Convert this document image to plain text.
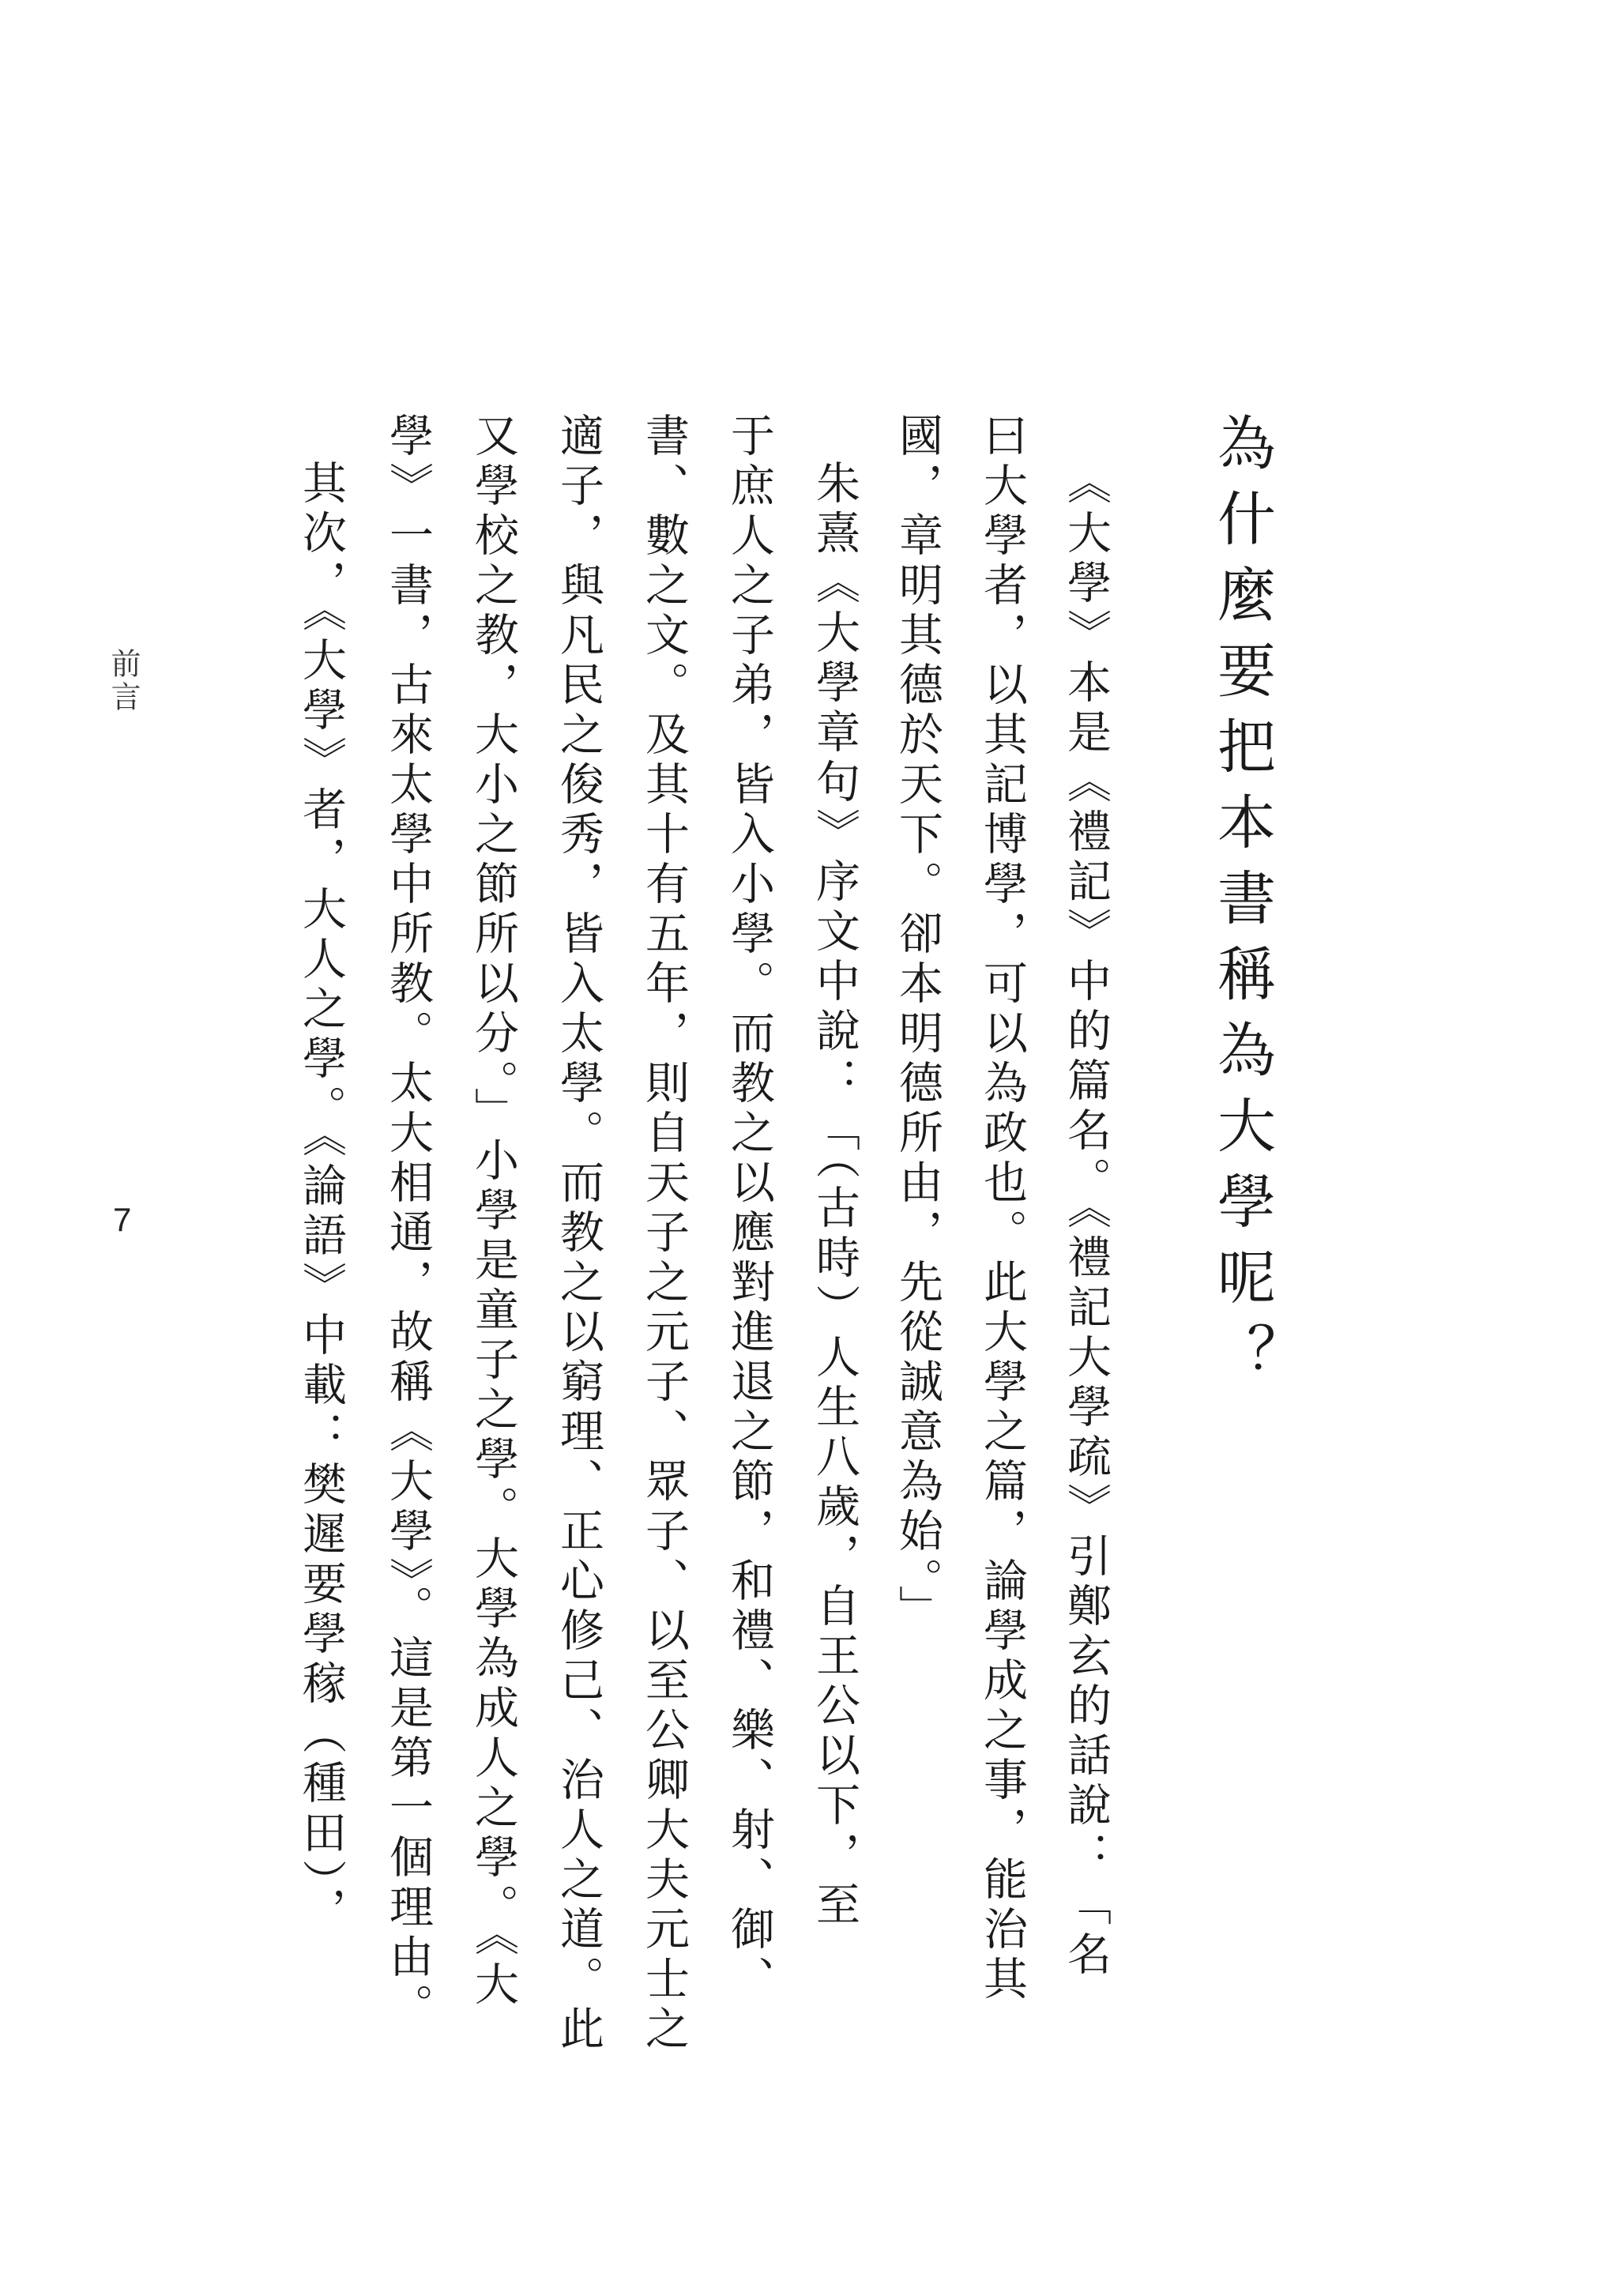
為什麼要把本書稱為大學呢？
《大學》本是《禮記》中的篇名。《禮記大學疏》引鄭玄的話說：「名
曰大學者，以其記博學，可以為政也。此大學之篇，論學成之事，能治其
國，章明其德於天下。卻本明德所由，先從誠意為始。」
朱熹《大學章句》序文中說：「（古時）人生八歲，自王公以下，至
于庶人之子弟，皆入小學。而教之以應對進退之節，和禮、樂、射、御、
書、數之文。及其十有五年，則自天子之元子、眾子、以至公卿大夫元士之
適子，與凡民之俊秀，皆入太學。而教之以窮理、正心修己、治人之道。此
又學校之教，大小之節所以分。」小學是童子之學。大學為成人之學。《大
學》一書，古來太學中所教。太大相通，故稱《大學》。這是第一個理由。
其次，《大學》者，大人之學。《論語》中載：樊遲要學稼（種田），
前言
7
